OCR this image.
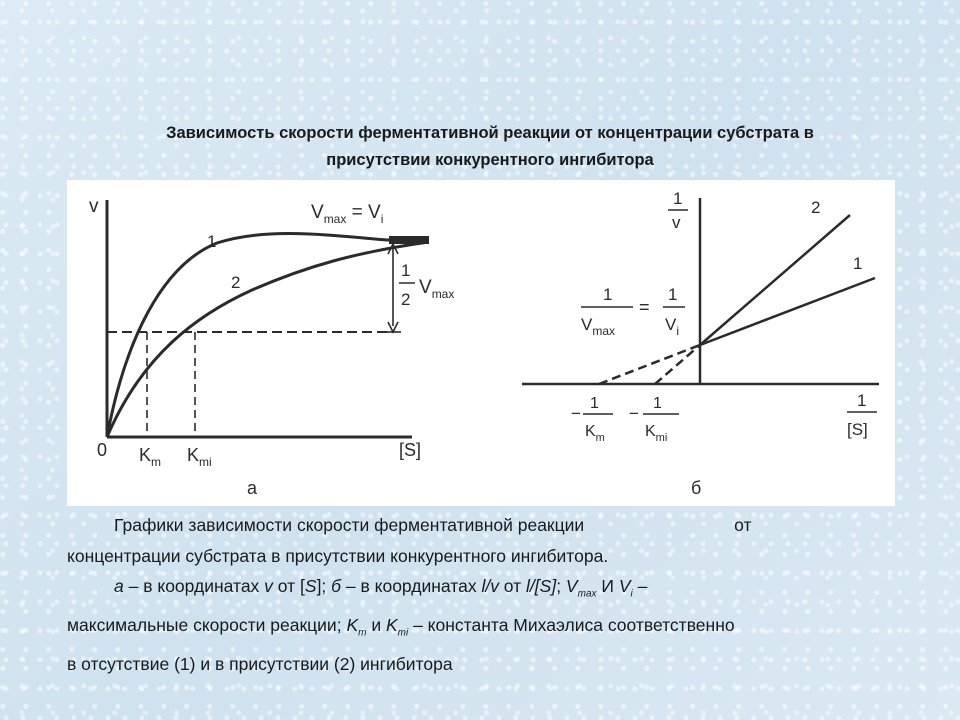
Зависимость скорости ферментативной реакции от концентрации субстрата в
присутствии конкурентного ингибитора
v
[S]
0
1
2
$V_{max} = V_i$
1
2
$V_{max}$
$K_m$ $K_{mi}$
а
1
v
1
[S]
1
2
1
$V_{max}$
=
1
$V_i$
−
1
$K_m$
−
1
$K_{mi}$
б
Графики зависимости скорости ферментативной реакции	от
концентрации субстрата в присутствии конкурентного ингибитора.
а – в координатах v от [S]; б – в координатах l/v от l/[S]; $V_{max}$ И $V_i$ –
максимальные скорости реакции; $K_m$ и $K_{mi}$ – константа Михаэлиса соответственно
в отсутствие (1) и в присутствии (2) ингибитора
